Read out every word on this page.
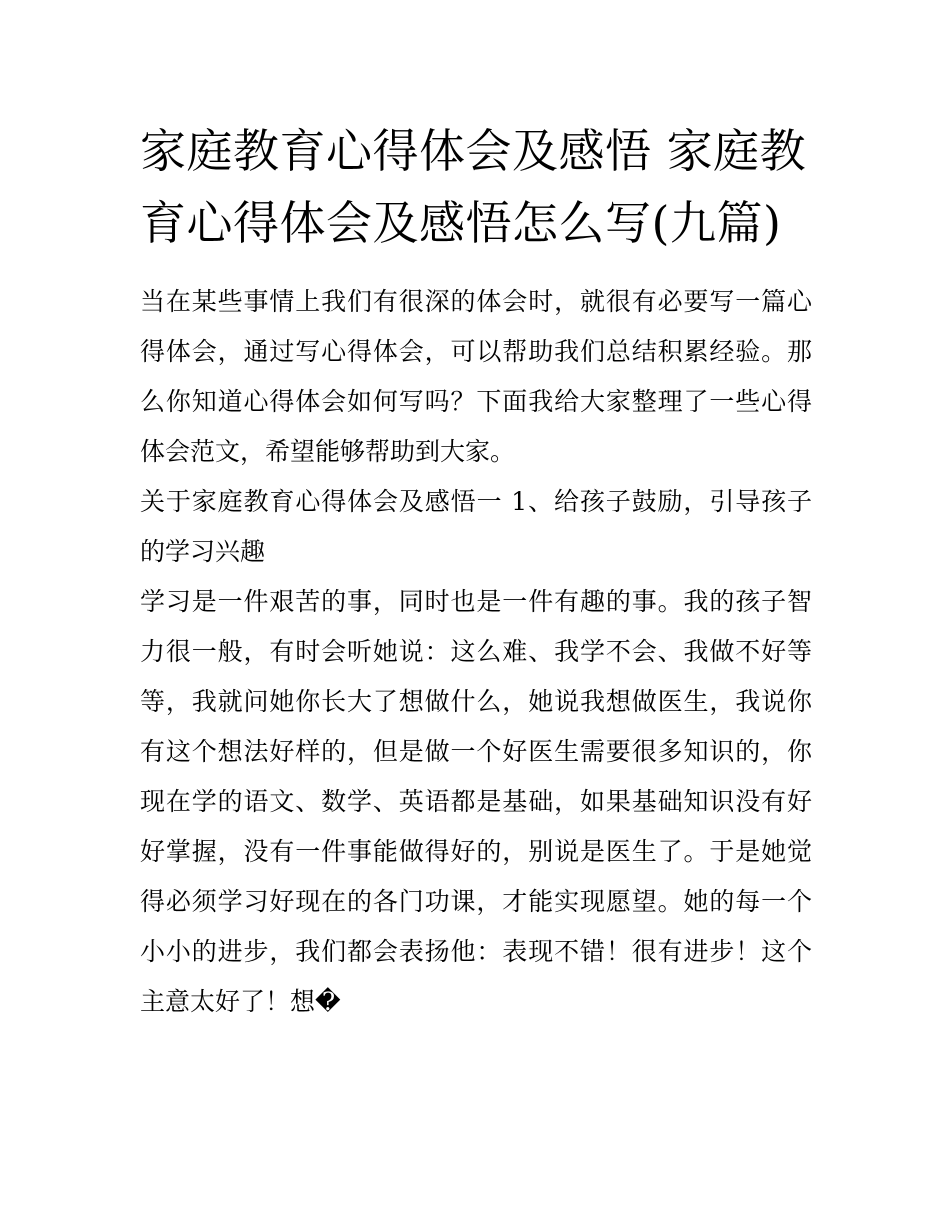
家庭教育心得体会及感悟 家庭教育心得体会及感悟怎么写(九篇)

当在某些事情上我们有很深的体会时，就很有必要写一篇心得体会，通过写心得体会，可以帮助我们总结积累经验。那么你知道心得体会如何写吗？下面我给大家整理了一些心得体会范文，希望能够帮助到大家。

关于家庭教育心得体会及感悟一 1、给孩子鼓励，引导孩子的学习兴趣

学习是一件艰苦的事，同时也是一件有趣的事。我的孩子智力很一般，有时会听她说：这么难、我学不会、我做不好等等，我就问她你长大了想做什么，她说我想做医生，我说你有这个想法好样的，但是做一个好医生需要很多知识的，你现在学的语文、数学、英语都是基础，如果基础知识没有好好掌握，没有一件事能做得好的，别说是医生了。于是她觉得必须学习好现在的各门功课，才能实现愿望。她的每一个小小的进步，我们都会表扬他：表现不错！很有进步！这个主意太好了！想�
